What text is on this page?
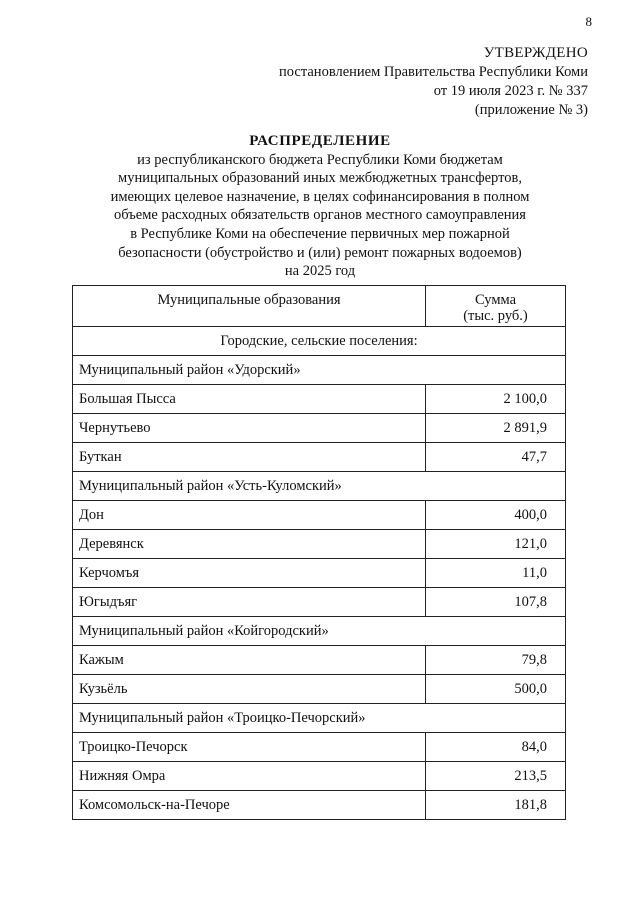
8
УТВЕРЖДЕНО
постановлением Правительства Республики Коми
от 19 июля 2023 г. № 337
(приложение № 3)
РАСПРЕДЕЛЕНИЕ
из республиканского бюджета Республики Коми бюджетам
муниципальных образований иных межбюджетных трансфертов,
имеющих целевое назначение, в целях софинансирования в полном
объеме расходных обязательств органов местного самоуправления
в Республике Коми на обеспечение первичных мер пожарной
безопасности (обустройство и (или) ремонт пожарных водоемов)
на 2025 год
Муниципальные образования	Сумма
(тыс. руб.)

Городские, сельские поселения:	
Муниципальный район «Удорский»	
Большая Пысса	2 100,0
Чернутьево	2 891,9
Буткан	47,7
Муниципальный район «Усть-Куломский»	
Дон	400,0
Деревянск	121,0
Керчомъя	11,0
Югыдъяг	107,8
Муниципальный район «Койгородский»	
Кажым	79,8
Кузьёль	500,0
Муниципальный район «Троицко-Печорский»	
Троицко-Печорск	84,0
Нижняя Омра	213,5
Комсомольск-на-Печоре	181,8
